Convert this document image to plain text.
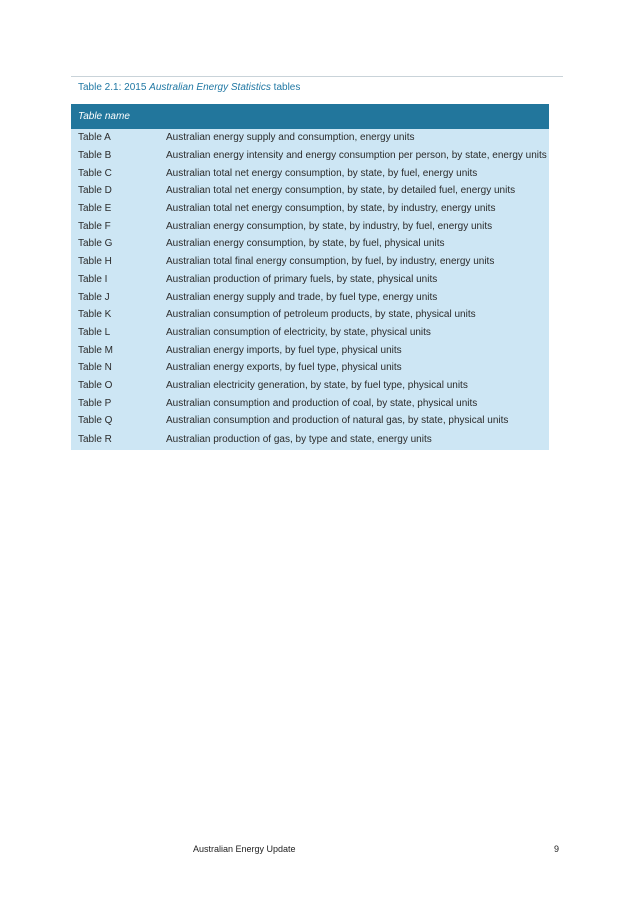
Table 2.1: 2015 Australian Energy Statistics tables
Table name	
Table A	Australian energy supply and consumption, energy units
Table B	Australian energy intensity and energy consumption per person, by state, energy units
Table C	Australian total net energy consumption, by state, by fuel, energy units
Table D	Australian total net energy consumption, by state, by detailed fuel, energy units
Table E	Australian total net energy consumption, by state, by industry, energy units
Table F	Australian energy consumption, by state, by industry, by fuel, energy units
Table G	Australian energy consumption, by state, by fuel, physical units
Table H	Australian total final energy consumption, by fuel, by industry, energy units
Table I	Australian production of primary fuels, by state, physical units
Table J	Australian energy supply and trade, by fuel type, energy units
Table K	Australian consumption of petroleum products, by state, physical units
Table L	Australian consumption of electricity, by state, physical units
Table M	Australian energy imports, by fuel type, physical units
Table N	Australian energy exports, by fuel type, physical units
Table O	Australian electricity generation, by state, by fuel type, physical units
Table P	Australian consumption and production of coal, by state, physical units
Table Q	Australian consumption and production of natural gas, by state, physical units
Table R	Australian production of gas, by type and state, energy units
Australian Energy Update	9
